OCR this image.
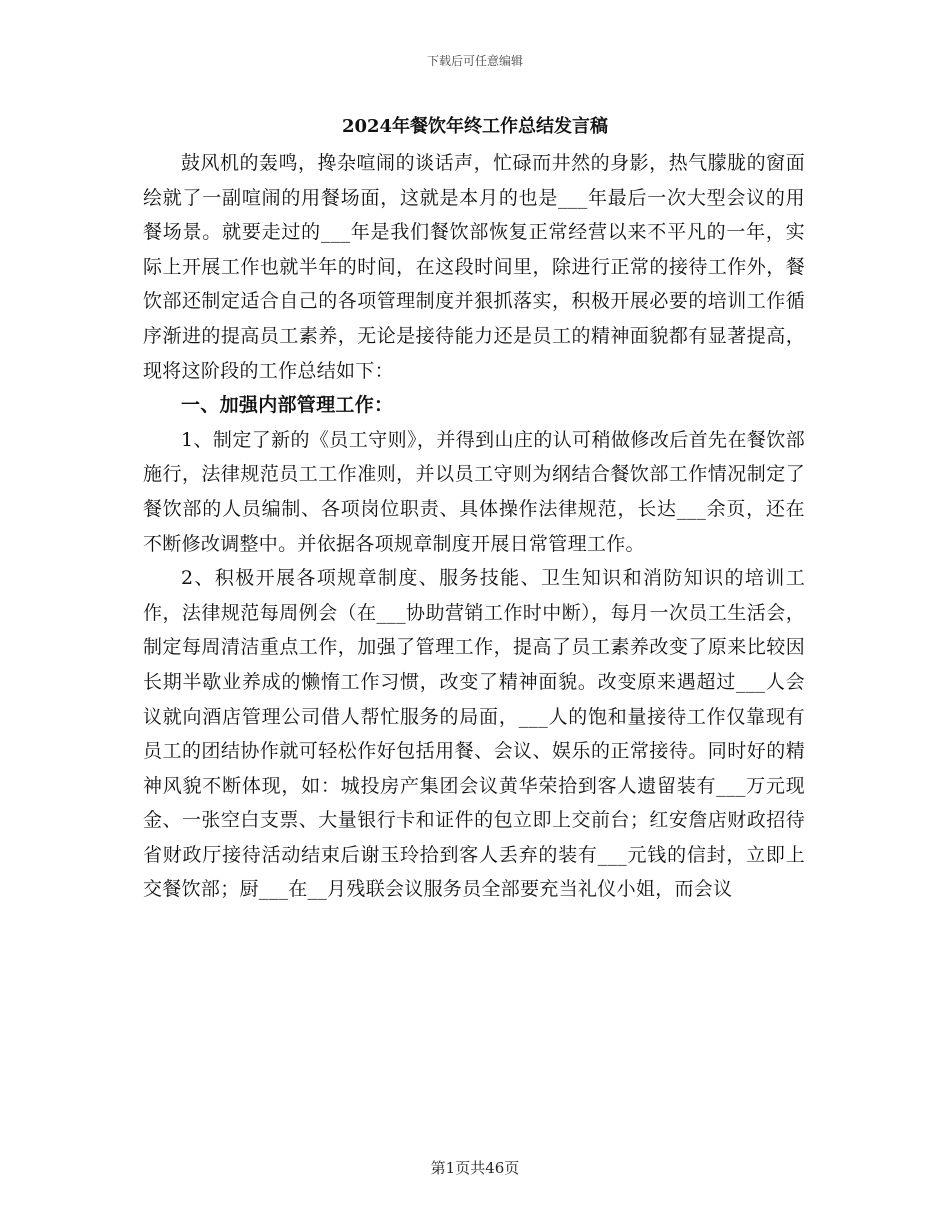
下载后可任意编辑
2024年餐饮年终工作总结发言稿

鼓风机的轰鸣，搀杂喧闹的谈话声，忙碌而井然的身影，热气朦胧的窗面绘就了一副喧闹的用餐场面，这就是本月的也是___年最后一次大型会议的用餐场景。就要走过的___年是我们餐饮部恢复正常经营以来不平凡的一年，实际上开展工作也就半年的时间，在这段时间里，除进行正常的接待工作外，餐饮部还制定适合自己的各项管理制度并狠抓落实，积极开展必要的培训工作循序渐进的提高员工素养，无论是接待能力还是员工的精神面貌都有显著提高，现将这阶段的工作总结如下：

一、加强内部管理工作：

1、制定了新的《员工守则》，并得到山庄的认可稍做修改后首先在餐饮部施行，法律规范员工工作准则，并以员工守则为纲结合餐饮部工作情况制定了餐饮部的人员编制、各项岗位职责、具体操作法律规范，长达___余页，还在不断修改调整中。并依据各项规章制度开展日常管理工作。

2、积极开展各项规章制度、服务技能、卫生知识和消防知识的培训工作，法律规范每周例会（在___协助营销工作时中断），每月一次员工生活会，制定每周清洁重点工作，加强了管理工作，提高了员工素养改变了原来比较因长期半歇业养成的懒惰工作习惯，改变了精神面貌。改变原来遇超过___人会议就向酒店管理公司借人帮忙服务的局面，___人的饱和量接待工作仅靠现有员工的团结协作就可轻松作好包括用餐、会议、娱乐的正常接待。同时好的精神风貌不断体现，如：城投房产集团会议黄华荣拾到客人遗留装有___万元现金、一张空白支票、大量银行卡和证件的包立即上交前台；红安詹店财政招待省财政厅接待活动结束后谢玉玲拾到客人丢弃的装有___元钱的信封，立即上交餐饮部；厨___在__月残联会议服务员全部要充当礼仪小姐，而会议

第1页共46页
